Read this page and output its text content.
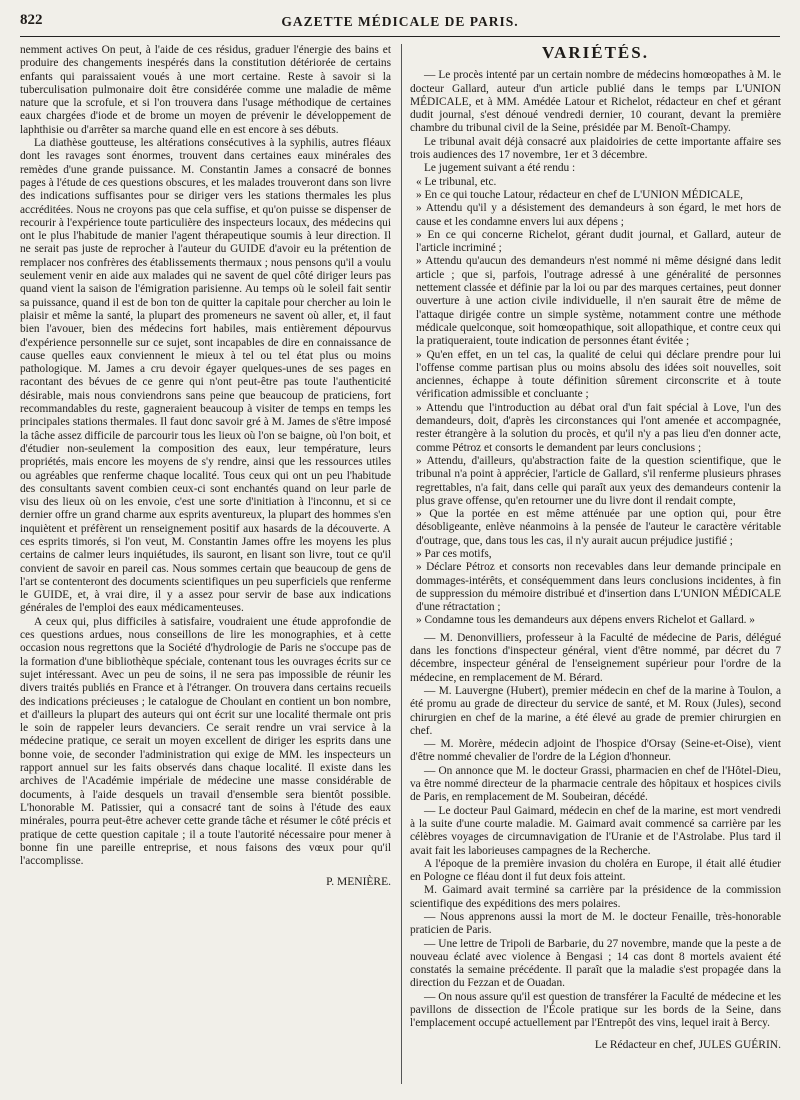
822	GAZETTE MÉDICALE DE PARIS.

nemment actives On peut, à l'aide de ces résidus, graduer l'énergie des bains et produire des changements inespérés dans la constitution détériorée de certains enfants qui paraissaient voués à une mort certaine. Reste à savoir si la tuberculisation pulmonaire doit être considérée comme une maladie de même nature que la scrofule, et si l'on trouvera dans l'usage méthodique de certaines eaux chargées d'iode et de brome un moyen de prévenir le développement de laphthisie ou d'arrêter sa marche quand elle en est encore à ses débuts.

La diathèse goutteuse, les altérations consécutives à la syphilis, autres fléaux dont les ravages sont énormes, trouvent dans certaines eaux minérales des remèdes d'une grande puissance. M. Constantin James a consacré de bonnes pages à l'étude de ces questions obscures, et les malades trouveront dans son livre des indications suffisantes pour se diriger vers les stations thermales les plus accréditées. Nous ne croyons pas que cela suffise, et qu'on puisse se dispenser de recourir à l'expérience toute particulière des inspecteurs locaux, des médecins qui ont le plus l'habitude de manier l'agent thérapeutique soumis à leur direction. Il ne serait pas juste de reprocher à l'auteur du GUIDE d'avoir eu la prétention de remplacer nos confrères des établissements thermaux ; nous pensons qu'il a voulu seulement venir en aide aux malades qui ne savent de quel côté diriger leurs pas quand vient la saison de l'émigration parisienne. Au temps où le soleil fait sentir sa puissance, quand il est de bon ton de quitter la capitale pour chercher au loin le plaisir et même la santé, la plupart des promeneurs ne savent où aller, et, il faut bien l'avouer, bien des médecins fort habiles, mais entièrement dépourvus d'expérience personnelle sur ce sujet, sont incapables de dire en connaissance de cause quelles eaux conviennent le mieux à tel ou tel état plus ou moins pathologique. M. James a cru devoir égayer quelques-unes de ses pages en racontant des bévues de ce genre qui n'ont peut-être pas toute l'authenticité désirable, mais nous conviendrons sans peine que beaucoup de praticiens, fort recommandables du reste, gagneraient beaucoup à visiter de temps en temps les principales stations thermales. Il faut donc savoir gré à M. James de s'être imposé la tâche assez difficile de parcourir tous les lieux où l'on se baigne, où l'on boit, et d'étudier non-seulement la composition des eaux, leur température, leurs propriétés, mais encore les moyens de s'y rendre, ainsi que les ressources utiles ou agréables que renferme chaque localité. Tous ceux qui ont un peu l'habitude des consultants savent combien ceux-ci sont enchantés quand on leur parle de visu des lieux où on les envoie, c'est une sorte d'initiation à l'inconnu, et si ce dernier offre un grand charme aux esprits aventureux, la plupart des hommes s'en inquiètent et préfèrent un renseignement positif aux hasards de la découverte. A ces esprits timorés, si l'on veut, M. Constantin James offre les moyens les plus certains de calmer leurs inquiétudes, ils sauront, en lisant son livre, tout ce qu'il convient de savoir en pareil cas. Nous sommes certain que beaucoup de gens de l'art se contenteront des documents scientifiques un peu superficiels que renferme le GUIDE, et, à vrai dire, il y a assez pour servir de base aux indications générales de l'emploi des eaux médicamenteuses.

A ceux qui, plus difficiles à satisfaire, voudraient une étude approfondie de ces questions ardues, nous conseillons de lire les monographies, et à cette occasion nous regrettons que la Société d'hydrologie de Paris ne s'occupe pas de la formation d'une bibliothèque spéciale, contenant tous les ouvrages écrits sur ce sujet intéressant. Avec un peu de soins, il ne sera pas impossible de réunir les divers traités publiés en France et à l'étranger. On trouvera dans certains recueils des indications précieuses ; le catalogue de Choulant en contient un bon nombre, et d'ailleurs la plupart des auteurs qui ont écrit sur une localité thermale ont pris le soin de rappeler leurs devanciers. Ce serait rendre un vrai service à la médecine pratique, ce serait un moyen excellent de diriger les esprits dans une bonne voie, de seconder l'administration qui exige de MM. les inspecteurs un rapport annuel sur les faits observés dans chaque localité. Il existe dans les archives de l'Académie impériale de médecine une masse considérable de documents, à l'aide desquels un travail d'ensemble sera bientôt possible. L'honorable M. Patissier, qui a consacré tant de soins à l'étude des eaux minérales, pourra peut-être achever cette grande tâche et résumer le côté précis et pratique de cette question capitale ; il a toute l'autorité nécessaire pour mener à bonne fin une pareille entreprise, et nous faisons des vœux pour qu'il l'accomplisse.

P. MENIÈRE.

VARIÉTÉS.

— Le procès intenté par un certain nombre de médecins homœopathes à M. le docteur Gallard, auteur d'un article publié dans le temps par L'UNION MÉDICALE, et à MM. Amédée Latour et Richelot, rédacteur en chef et gérant dudit journal, s'est dénoué vendredi dernier, 10 courant, devant la première chambre du tribunal civil de la Seine, présidée par M. Benoît-Champy.

Le tribunal avait déjà consacré aux plaidoiries de cette importante affaire ses trois audiences des 17 novembre, 1er et 3 décembre.

Le jugement suivant a été rendu :

« Le tribunal, etc.

» En ce qui touche Latour, rédacteur en chef de L'UNION MÉDICALE,

» Attendu qu'il y a désistement des demandeurs à son égard, le met hors de cause et les condamne envers lui aux dépens ;

» En ce qui concerne Richelot, gérant dudit journal, et Gallard, auteur de l'article incriminé ;

» Attendu qu'aucun des demandeurs n'est nommé ni même désigné dans ledit article ; que si, parfois, l'outrage adressé à une généralité de personnes nettement classée et définie par la loi ou par des marques certaines, peut donner ouverture à une action civile individuelle, il n'en saurait être de même de l'attaque dirigée contre un simple système, notamment contre une méthode médicale quelconque, soit homœopathique, soit allopathique, et contre ceux qui la pratiqueraient, toute indication de personnes étant évitée ;

» Qu'en effet, en un tel cas, la qualité de celui qui déclare prendre pour lui l'offense comme partisan plus ou moins absolu des idées soit nouvelles, soit anciennes, échappe à toute définition sûrement circonscrite et à toute vérification admissible et concluante ;

» Attendu que l'introduction au débat oral d'un fait spécial à Love, l'un des demandeurs, doit, d'après les circonstances qui l'ont amenée et accompagnée, rester étrangère à la solution du procès, et qu'il n'y a pas lieu d'en donner acte, comme Pétroz et consorts le demandent par leurs conclusions ;

» Attendu, d'ailleurs, qu'abstraction faite de la question scientifique, que le tribunal n'a point à apprécier, l'article de Gallard, s'il renferme plusieurs phrases regrettables, n'a fait, dans celle qui paraît aux yeux des demandeurs contenir la plus grave offense, qu'en retourner une du livre dont il rendait compte,

» Que la portée en est même atténuée par une option qui, pour être désobligeante, enlève néanmoins à la pensée de l'auteur le caractère véritable d'outrage, que, dans tous les cas, il n'y aurait aucun préjudice justifié ;

» Par ces motifs,

» Déclare Pétroz et consorts non recevables dans leur demande principale en dommages-intérêts, et conséquemment dans leurs conclusions incidentes, à fin de suppression du mémoire distribué et d'insertion dans L'UNION MÉDICALE d'une rétractation ;

» Condamne tous les demandeurs aux dépens envers Richelot et Gallard. »

— M. Denonvilliers, professeur à la Faculté de médecine de Paris, délégué dans les fonctions d'inspecteur général, vient d'être nommé, par décret du 7 décembre, inspecteur général de l'enseignement supérieur pour l'ordre de la médecine, en remplacement de M. Bérard.

— M. Lauvergne (Hubert), premier médecin en chef de la marine à Toulon, a été promu au grade de directeur du service de santé, et M. Roux (Jules), second chirurgien en chef de la marine, a été élevé au grade de premier chirurgien en chef.

— M. Morère, médecin adjoint de l'hospice d'Orsay (Seine-et-Oise), vient d'être nommé chevalier de l'ordre de la Légion d'honneur.

— On annonce que M. le docteur Grassi, pharmacien en chef de l'Hôtel-Dieu, va être nommé directeur de la pharmacie centrale des hôpitaux et hospices civils de Paris, en remplacement de M. Soubeiran, décédé.

— Le docteur Paul Gaimard, médecin en chef de la marine, est mort vendredi à la suite d'une courte maladie. M. Gaimard avait commencé sa carrière par les célèbres voyages de circumnavigation de l'Uranie et de l'Astrolabe. Plus tard il avait fait les laborieuses campagnes de la Recherche.

A l'époque de la première invasion du choléra en Europe, il était allé étudier en Pologne ce fléau dont il fut deux fois atteint.

M. Gaimard avait terminé sa carrière par la présidence de la commission scientifique des expéditions des mers polaires.

— Nous apprenons aussi la mort de M. le docteur Fenaille, très-honorable praticien de Paris.

— Une lettre de Tripoli de Barbarie, du 27 novembre, mande que la peste a de nouveau éclaté avec violence à Bengasi ; 14 cas dont 8 mortels avaient été constatés la semaine précédente. Il paraît que la maladie s'est propagée dans la direction du Fezzan et de Ouadan.

— On nous assure qu'il est question de transférer la Faculté de médecine et les pavillons de dissection de l'École pratique sur les bords de la Seine, dans l'emplacement occupé actuellement par l'Entrepôt des vins, lequel irait à Bercy.

Le Rédacteur en chef, JULES GUÉRIN.
